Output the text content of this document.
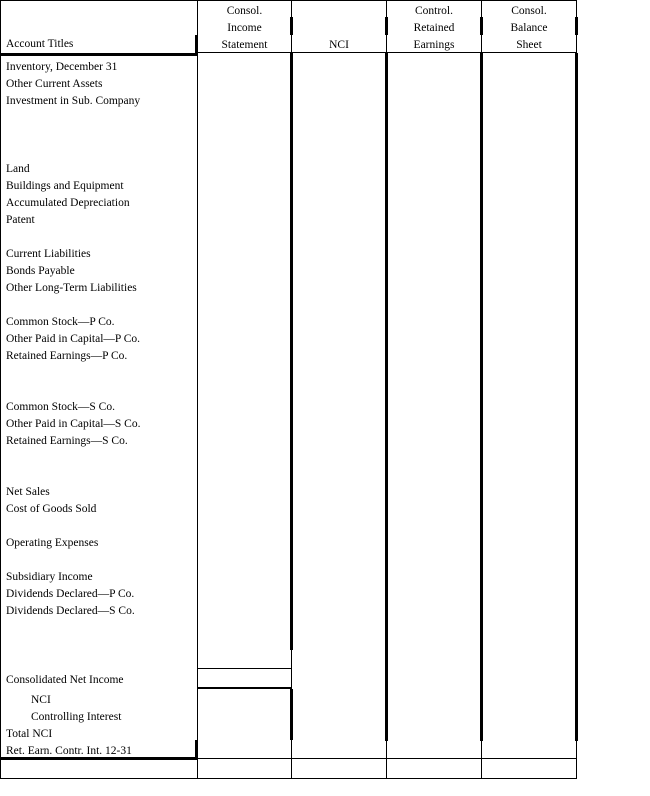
Account Titles
Consol.
Income
Statement	NCI
Control.
Retained
Earnings
Consol.
Balance
Sheet
Inventory, December 31
Other Current Assets
Investment in Sub. Company
Land
Buildings and Equipment
Accumulated Depreciation
Patent
Current Liabilities
Bonds Payable
Other Long-Term Liabilities
Common Stock—P Co.
Other Paid in Capital—P Co.
Retained Earnings—P Co.
Common Stock—S Co.
Other Paid in Capital—S Co.
Retained Earnings—S Co.
Net Sales
Cost of Goods Sold
Operating Expenses
Subsidiary Income
Dividends Declared—P Co.
Dividends Declared—S Co.
Consolidated Net Income
NCI
Controlling Interest
Total NCI
Ret. Earn. Contr. Int. 12-31
